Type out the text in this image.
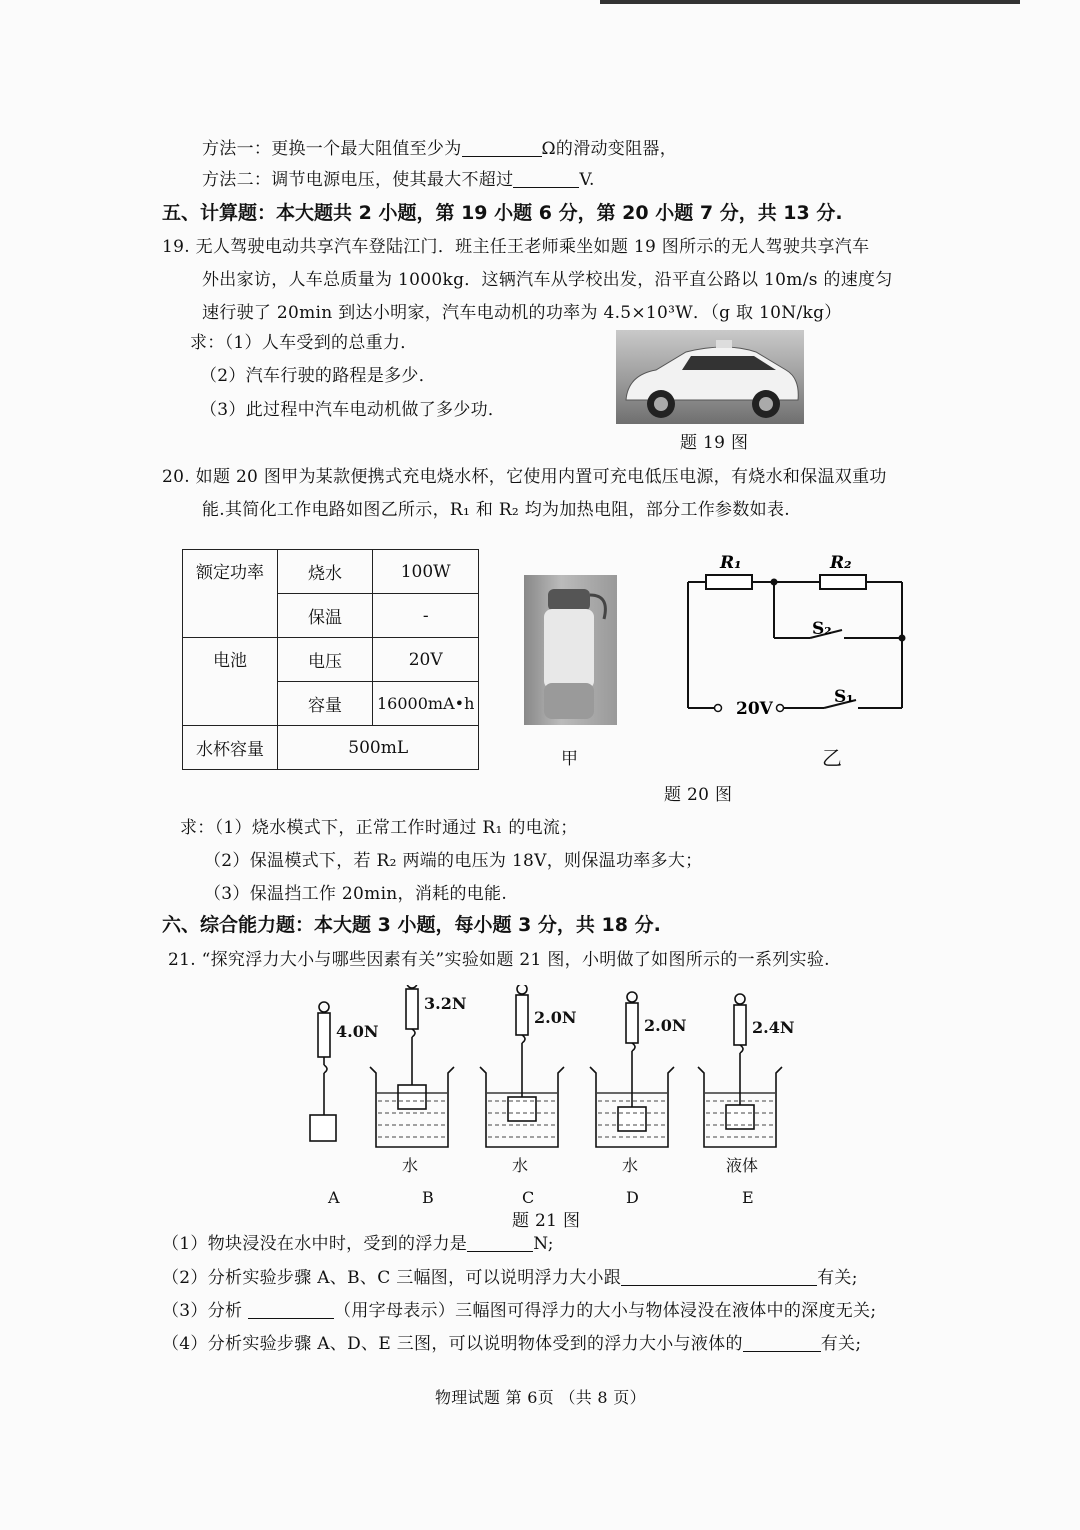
方法一：更换一个最大阻值至少为	Ω的滑动变阻器，
方法二：调节电源电压，使其最大不超过	V.
五、计算题：本大题共 2 小题，第 19 小题 6 分，第 20 小题 7 分，共 13 分.
19. 无人驾驶电动共享汽车登陆江门．班主任王老师乘坐如题 19 图所示的无人驾驶共享汽车
外出家访，人车总质量为 1000kg．这辆汽车从学校出发，沿平直公路以 10m/s 的速度匀
速行驶了 20min 到达小明家，汽车电动机的功率为 4.5×10³W．（g 取 10N/kg）
求：（1）人车受到的总重力．
（2）汽车行驶的路程是多少．
（3）此过程中汽车电动机做了多少功．
题 19 图
20. 如题 20 图甲为某款便携式充电烧水杯，它使用内置可充电低压电源，有烧水和保温双重功
能.其简化工作电路如图乙所示，R₁ 和 R₂ 均为加热电阻，部分工作参数如表.
额定功率	烧水	100W
	保温	-
电池	电压	20V
	容量	16000mA•h
水杯容量	500mL	
甲
R₁	R₂
S₂
S₁
20V
乙
题 20 图
求：（1）烧水模式下，正常工作时通过 R₁ 的电流；
（2）保温模式下，若 R₂ 两端的电压为 18V，则保温功率多大；
（3）保温挡工作 20min，消耗的电能.
六、综合能力题：本大题 3 小题，每小题 3 分，共 18 分.
21. “探究浮力大小与哪些因素有关”实验如题 21 图，小明做了如图所示的一系列实验.
4.0N
3.2N
2.0N	2.0N	2.4N
水	水	水	液体
A	B	C	D	E
题 21 图
（1）物块浸没在水中时，受到的浮力是	N;
（2）分析实验步骤 A、B、C 三幅图，可以说明浮力大小跟	有关;
（3）分析	（用字母表示）三幅图可得浮力的大小与物体浸没在液体中的深度无关;
（4）分析实验步骤 A、D、E 三图，可以说明物体受到的浮力大小与液体的	有关;
物理试题 第 6页 （共 8 页）
